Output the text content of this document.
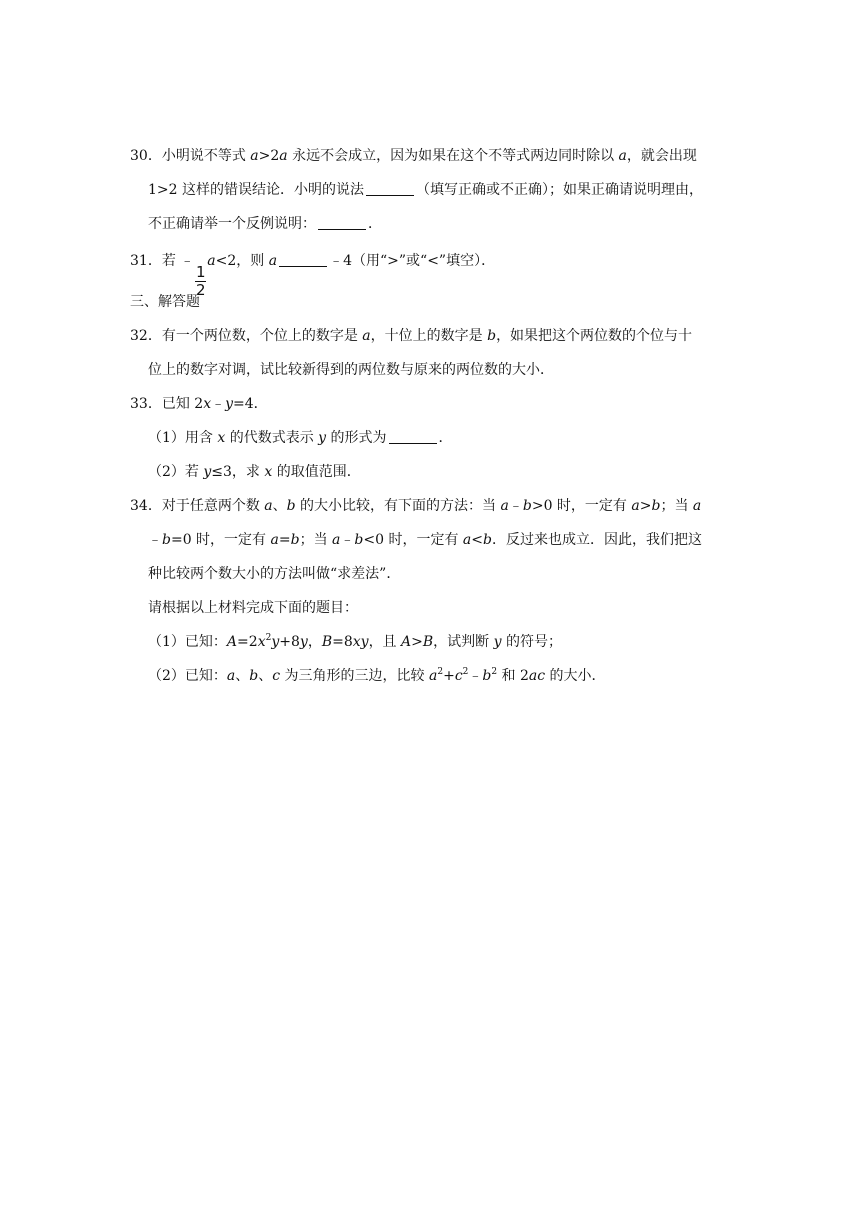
30．小明说不等式 a>2a 永远不会成立，因为如果在这个不等式两边同时除以 a，就会出现
1>2 这样的错误结论．小明的说法	（填写正确或不正确）；如果正确请说明理由，
不正确请举一个反例说明：	．
31．若 ﹣
$\frac{1}{2}$
a<2，则 a	﹣4（用“>”或“<”填空）．
三、解答题
32．有一个两位数，个位上的数字是 a，十位上的数字是 b，如果把这个两位数的个位与十
位上的数字对调，试比较新得到的两位数与原来的两位数的大小．
33．已知 2x﹣y=4．
（1）用含 x 的代数式表示 y 的形式为	．
（2）若 y≤3，求 x 的取值范围．
34．对于任意两个数 a、b 的大小比较，有下面的方法：当 a﹣b>0 时，一定有 a>b；当 a
﹣b=0 时，一定有 a=b；当 a﹣b<0 时，一定有 a<b．反过来也成立．因此，我们把这
种比较两个数大小的方法叫做“求差法”．
请根据以上材料完成下面的题目：
（1）已知：$A=2x^2y+8y$，B=8xy，且 A>B，试判断 y 的符号；
（2）已知：a、b、c 为三角形的三边，比较 $a^2+c^2﹣b^2$ 和 2ac 的大小．
